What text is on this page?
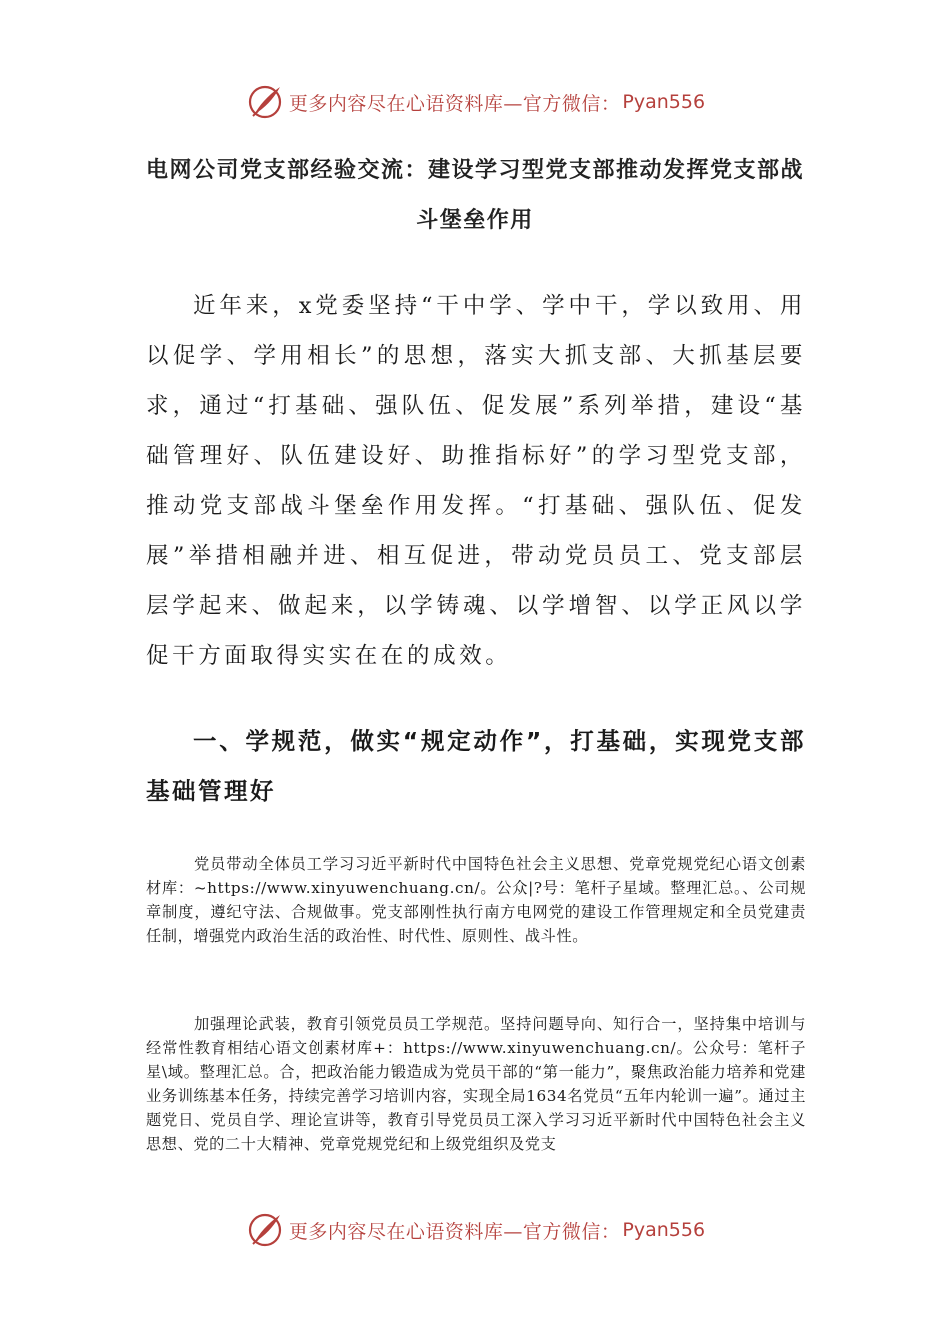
更多内容尽在心语资料库—官方微信： Pyan556
电网公司党支部经验交流：建设学习型党支部推动发挥党支部战斗堡垒作用

近年来，x党委坚持“干中学、学中干，学以致用、用以促学、学用相长”的思想，落实大抓支部、大抓基层要求，通过“打基础、强队伍、促发展”系列举措，建设“基础管理好、队伍建设好、助推指标好”的学习型党支部，推动党支部战斗堡垒作用发挥。“打基础、强队伍、促发展”举措相融并进、相互促进，带动党员员工、党支部层层学起来、做起来，以学铸魂、以学增智、以学正风以学促干方面取得实实在在的成效。

一、学规范，做实“规定动作”，打基础，实现党支部基础管理好

党员带动全体员工学习习近平新时代中国特色社会主义思想、党章党规党纪心语文创素材库：~https://www.xinyuwenchuang.cn/。公众|?号：笔杆子星域。整理汇总。、公司规章制度，遵纪守法、合规做事。党支部刚性执行南方电网党的建设工作管理规定和全员党建责任制，增强党内政治生活的政治性、时代性、原则性、战斗性。

加强理论武装，教育引领党员员工学规范。坚持问题导向、知行合一，坚持集中培训与经常性教育相结心语文创素材库+：https://www.xinyuwenchuang.cn/。公众号：笔杆子星\域。整理汇总。合，把政治能力锻造成为党员干部的“第一能力”，聚焦政治能力培养和党建业务训练基本任务，持续完善学习培训内容，实现全局1634名党员“五年内轮训一遍”。通过主题党日、党员自学、理论宣讲等，教育引导党员员工深入学习习近平新时代中国特色社会主义思想、党的二十大精神、党章党规党纪和上级党组织及党支

更多内容尽在心语资料库—官方微信： Pyan556
